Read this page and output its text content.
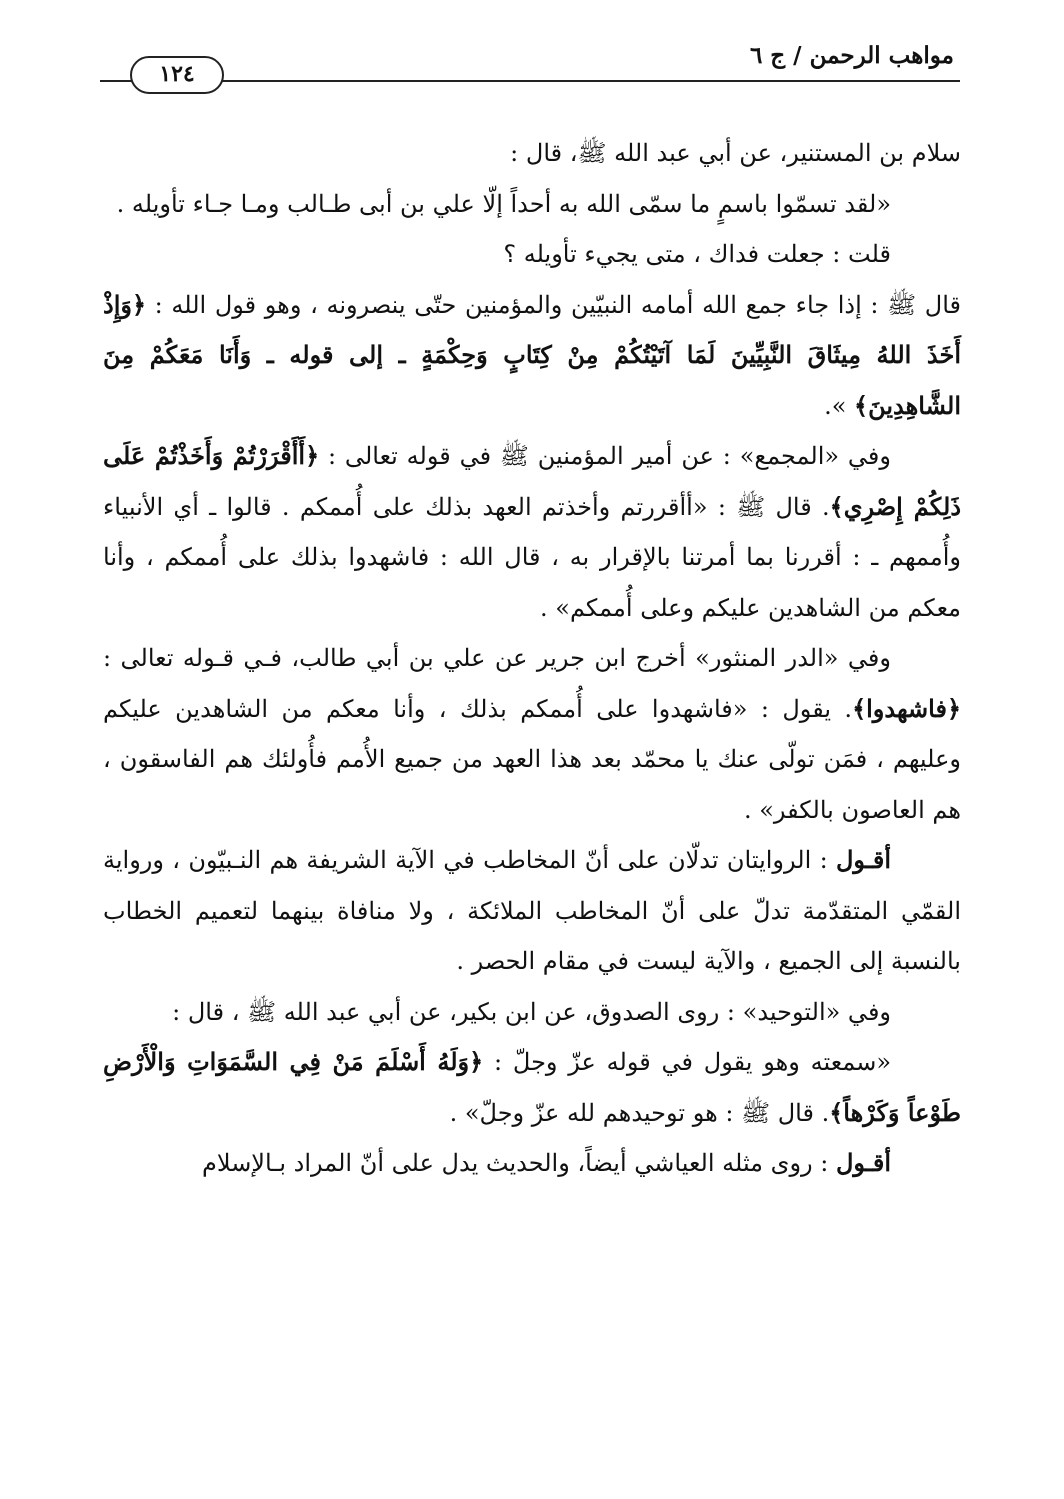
١٢٤
مواهب الرحمن / ج ٦

سلام بن المستنير، عن أبي عبد الله ﷺ، قال :

«لقد تسمّوا باسمٍ ما سمّى الله به أحداً إلّا علي بن أبى طـالب ومـا جـاء تأويله .

قلت : جعلت فداك ، متى يجيء تأويله ؟

قال ﷺ : إذا جاء جمع الله أمامه النبيّين والمؤمنين حتّى ينصرونه ، وهو قول الله : ﴿وَإِذْ أَخَذَ اللهُ مِيثَاقَ النَّبِيِّينَ لَمَا آتَيْتُكُمْ مِنْ كِتَابٍ وَحِكْمَةٍ ـ إلى قوله ـ وَأَنَا مَعَكُمْ مِنَ الشَّاهِدِينَ﴾ ».

وفي «المجمع» : عن أمير المؤمنين ﷺ في قوله تعالى : ﴿أَأَقْرَرْتُمْ وَأَخَذْتُمْ عَلَى ذَلِكُمْ إِصْرِي﴾. قال ﷺ : «أأقررتم وأخذتم العهد بذلك على أُممكم . قالوا ـ أي الأنبياء وأُممهم ـ : أقررنا بما أمرتنا بالإقرار به ، قال الله : فاشهدوا بذلك على أُممكم ، وأنا معكم من الشاهدين عليكم وعلى أُممكم» .

وفي «الدر المنثور» أخرج ابن جرير عن علي بن أبي طالب، فـي قـوله تعالى : ﴿فاشهدوا﴾. يقول : «فاشهدوا على أُممكم بذلك ، وأنا معكم من الشاهدين عليكم وعليهم ، فمَن تولّى عنك يا محمّد بعد هذا العهد من جميع الأُمم فأُولئك هم الفاسقون ، هم العاصون بالكفر» .

أقـول : الروايتان تدلّان على أنّ المخاطب في الآية الشريفة هم النـبيّون ، ورواية القمّي المتقدّمة تدلّ على أنّ المخاطب الملائكة ، ولا منافاة بينهما لتعميم الخطاب بالنسبة إلى الجميع ، والآية ليست في مقام الحصر .

وفي «التوحيد» : روى الصدوق، عن ابن بكير، عن أبي عبد الله ﷺ ، قال :

«سمعته وهو يقول في قوله عزّ وجلّ : ﴿وَلَهُ أَسْلَمَ مَنْ فِي السَّمَوَاتِ وَالْأَرْضِ طَوْعاً وَكَرْهاً﴾. قال ﷺ : هو توحيدهم لله عزّ وجلّ» .

أقـول : روى مثله العياشي أيضاً، والحديث يدل على أنّ المراد بـالإسلام
